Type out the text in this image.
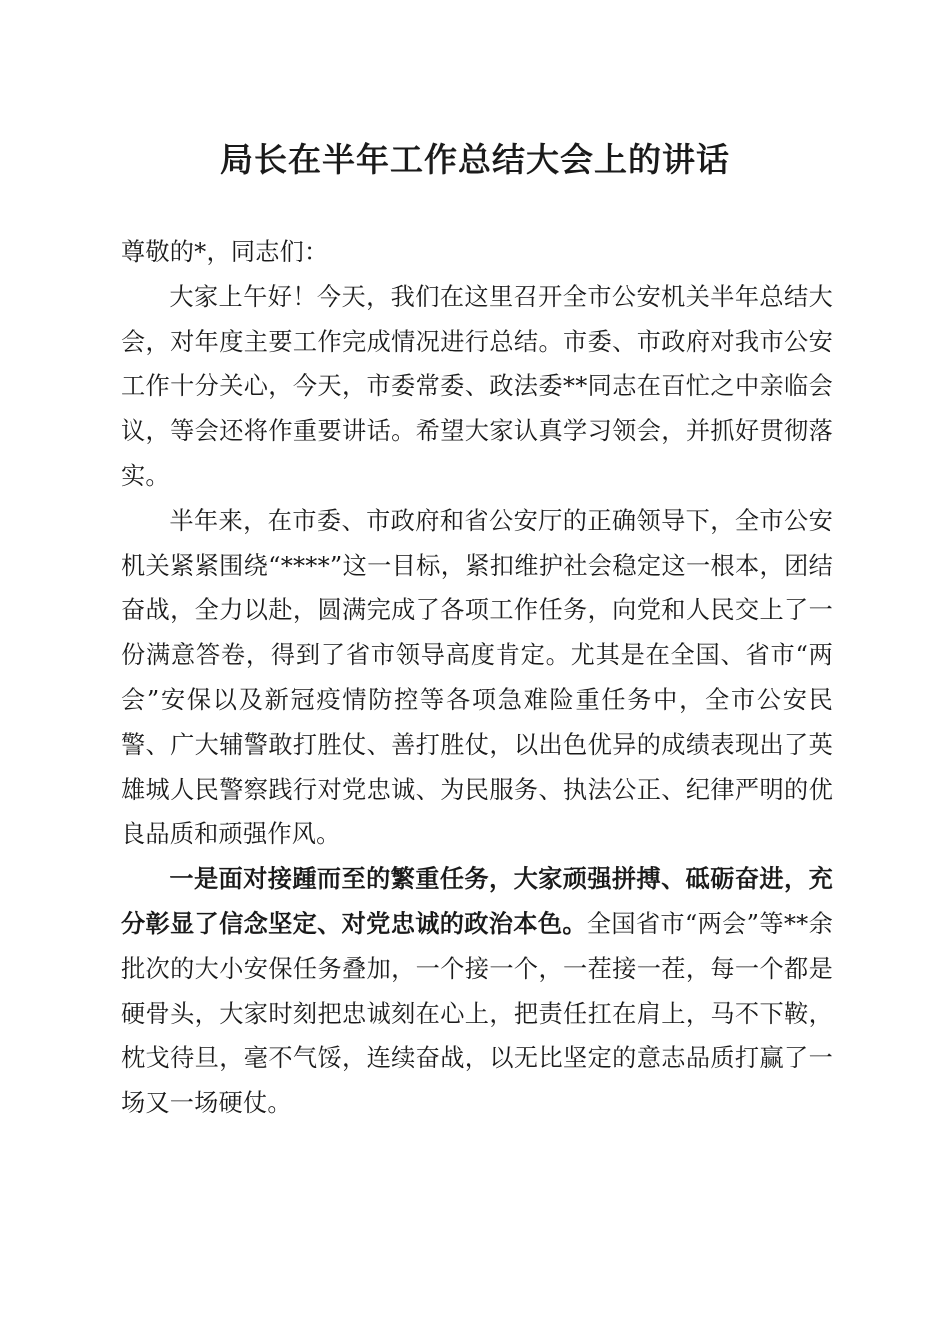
局长在半年工作总结大会上的讲话

尊敬的*，同志们：

大家上午好！今天，我们在这里召开全市公安机关半年总结大会，对年度主要工作完成情况进行总结。市委、市政府对我市公安工作十分关心，今天，市委常委、政法委**同志在百忙之中亲临会议，等会还将作重要讲话。希望大家认真学习领会，并抓好贯彻落实。

半年来，在市委、市政府和省公安厅的正确领导下，全市公安机关紧紧围绕“****”这一目标，紧扣维护社会稳定这一根本，团结奋战，全力以赴，圆满完成了各项工作任务，向党和人民交上了一份满意答卷，得到了省市领导高度肯定。尤其是在全国、省市“两会”安保以及新冠疫情防控等各项急难险重任务中，全市公安民警、广大辅警敢打胜仗、善打胜仗，以出色优异的成绩表现出了英雄城人民警察践行对党忠诚、为民服务、执法公正、纪律严明的优良品质和顽强作风。

一是面对接踵而至的繁重任务，大家顽强拼搏、砥砺奋进，充分彰显了信念坚定、对党忠诚的政治本色。全国省市“两会”等**余批次的大小安保任务叠加，一个接一个，一茬接一茬，每一个都是硬骨头，大家时刻把忠诚刻在心上，把责任扛在肩上，马不下鞍，枕戈待旦，毫不气馁，连续奋战，以无比坚定的意志品质打赢了一场又一场硬仗。
